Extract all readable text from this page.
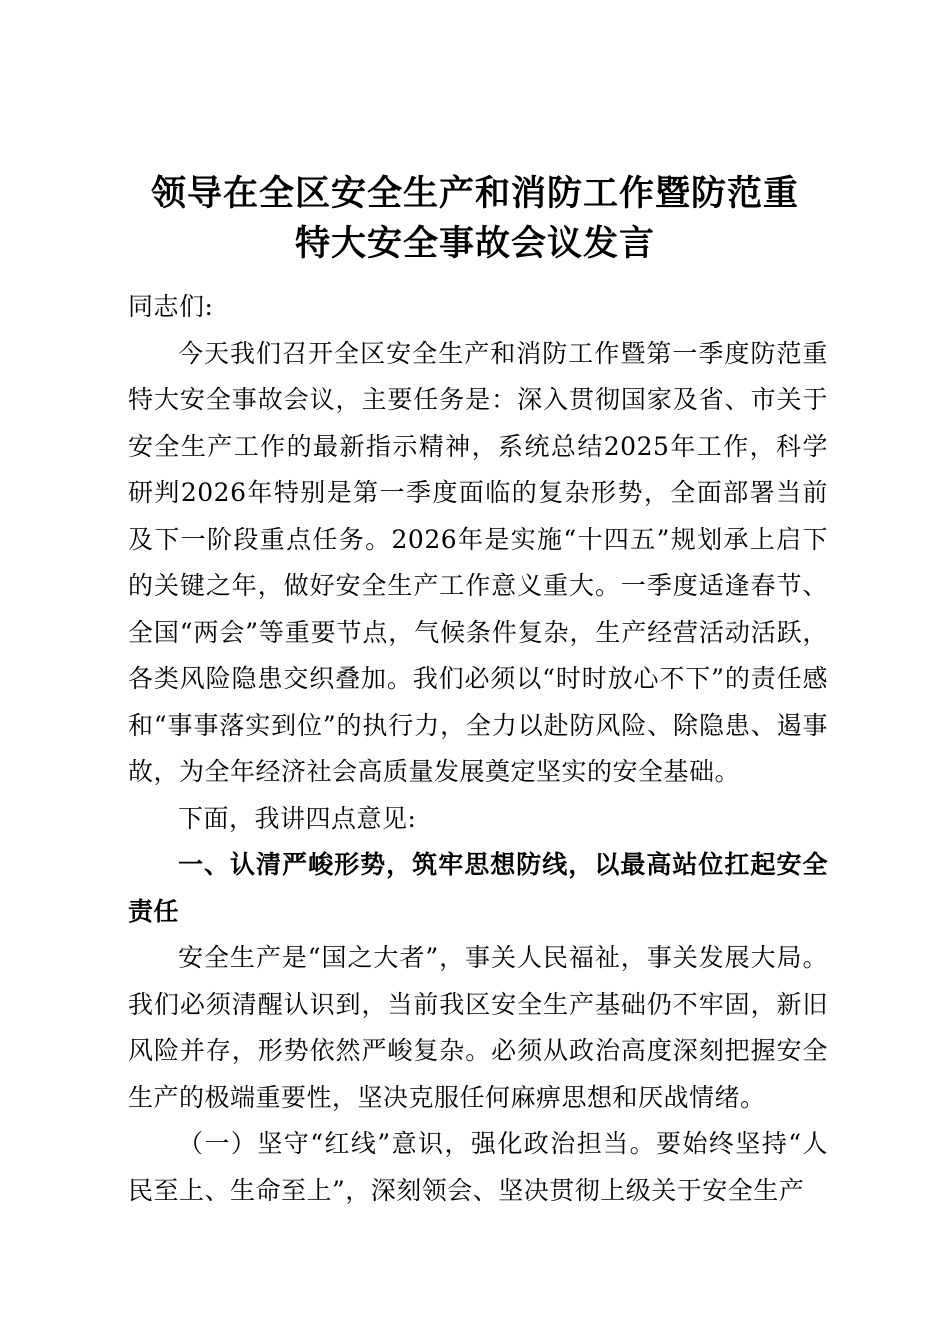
领导在全区安全生产和消防工作暨防范重
特大安全事故会议发言

同志们:

今天我们召开全区安全生产和消防工作暨第一季度防范重特大安全事故会议，主要任务是：深入贯彻国家及省、市关于安全生产工作的最新指示精神，系统总结2025年工作，科学研判2026年特别是第一季度面临的复杂形势，全面部署当前及下一阶段重点任务。2026年是实施“十四五”规划承上启下的关键之年，做好安全生产工作意义重大。一季度适逢春节、全国“两会”等重要节点，气候条件复杂，生产经营活动活跃，各类风险隐患交织叠加。我们必须以“时时放心不下”的责任感和“事事落实到位”的执行力，全力以赴防风险、除隐患、遏事故，为全年经济社会高质量发展奠定坚实的安全基础。

下面，我讲四点意见:

一、认清严峻形势，筑牢思想防线，以最高站位扛起安全责任

安全生产是“国之大者”，事关人民福祉，事关发展大局。我们必须清醒认识到，当前我区安全生产基础仍不牢固，新旧风险并存，形势依然严峻复杂。必须从政治高度深刻把握安全生产的极端重要性，坚决克服任何麻痹思想和厌战情绪。

（一）坚守“红线”意识，强化政治担当。要始终坚持“人民至上、生命至上”，深刻领会、坚决贯彻上级关于安全生产
